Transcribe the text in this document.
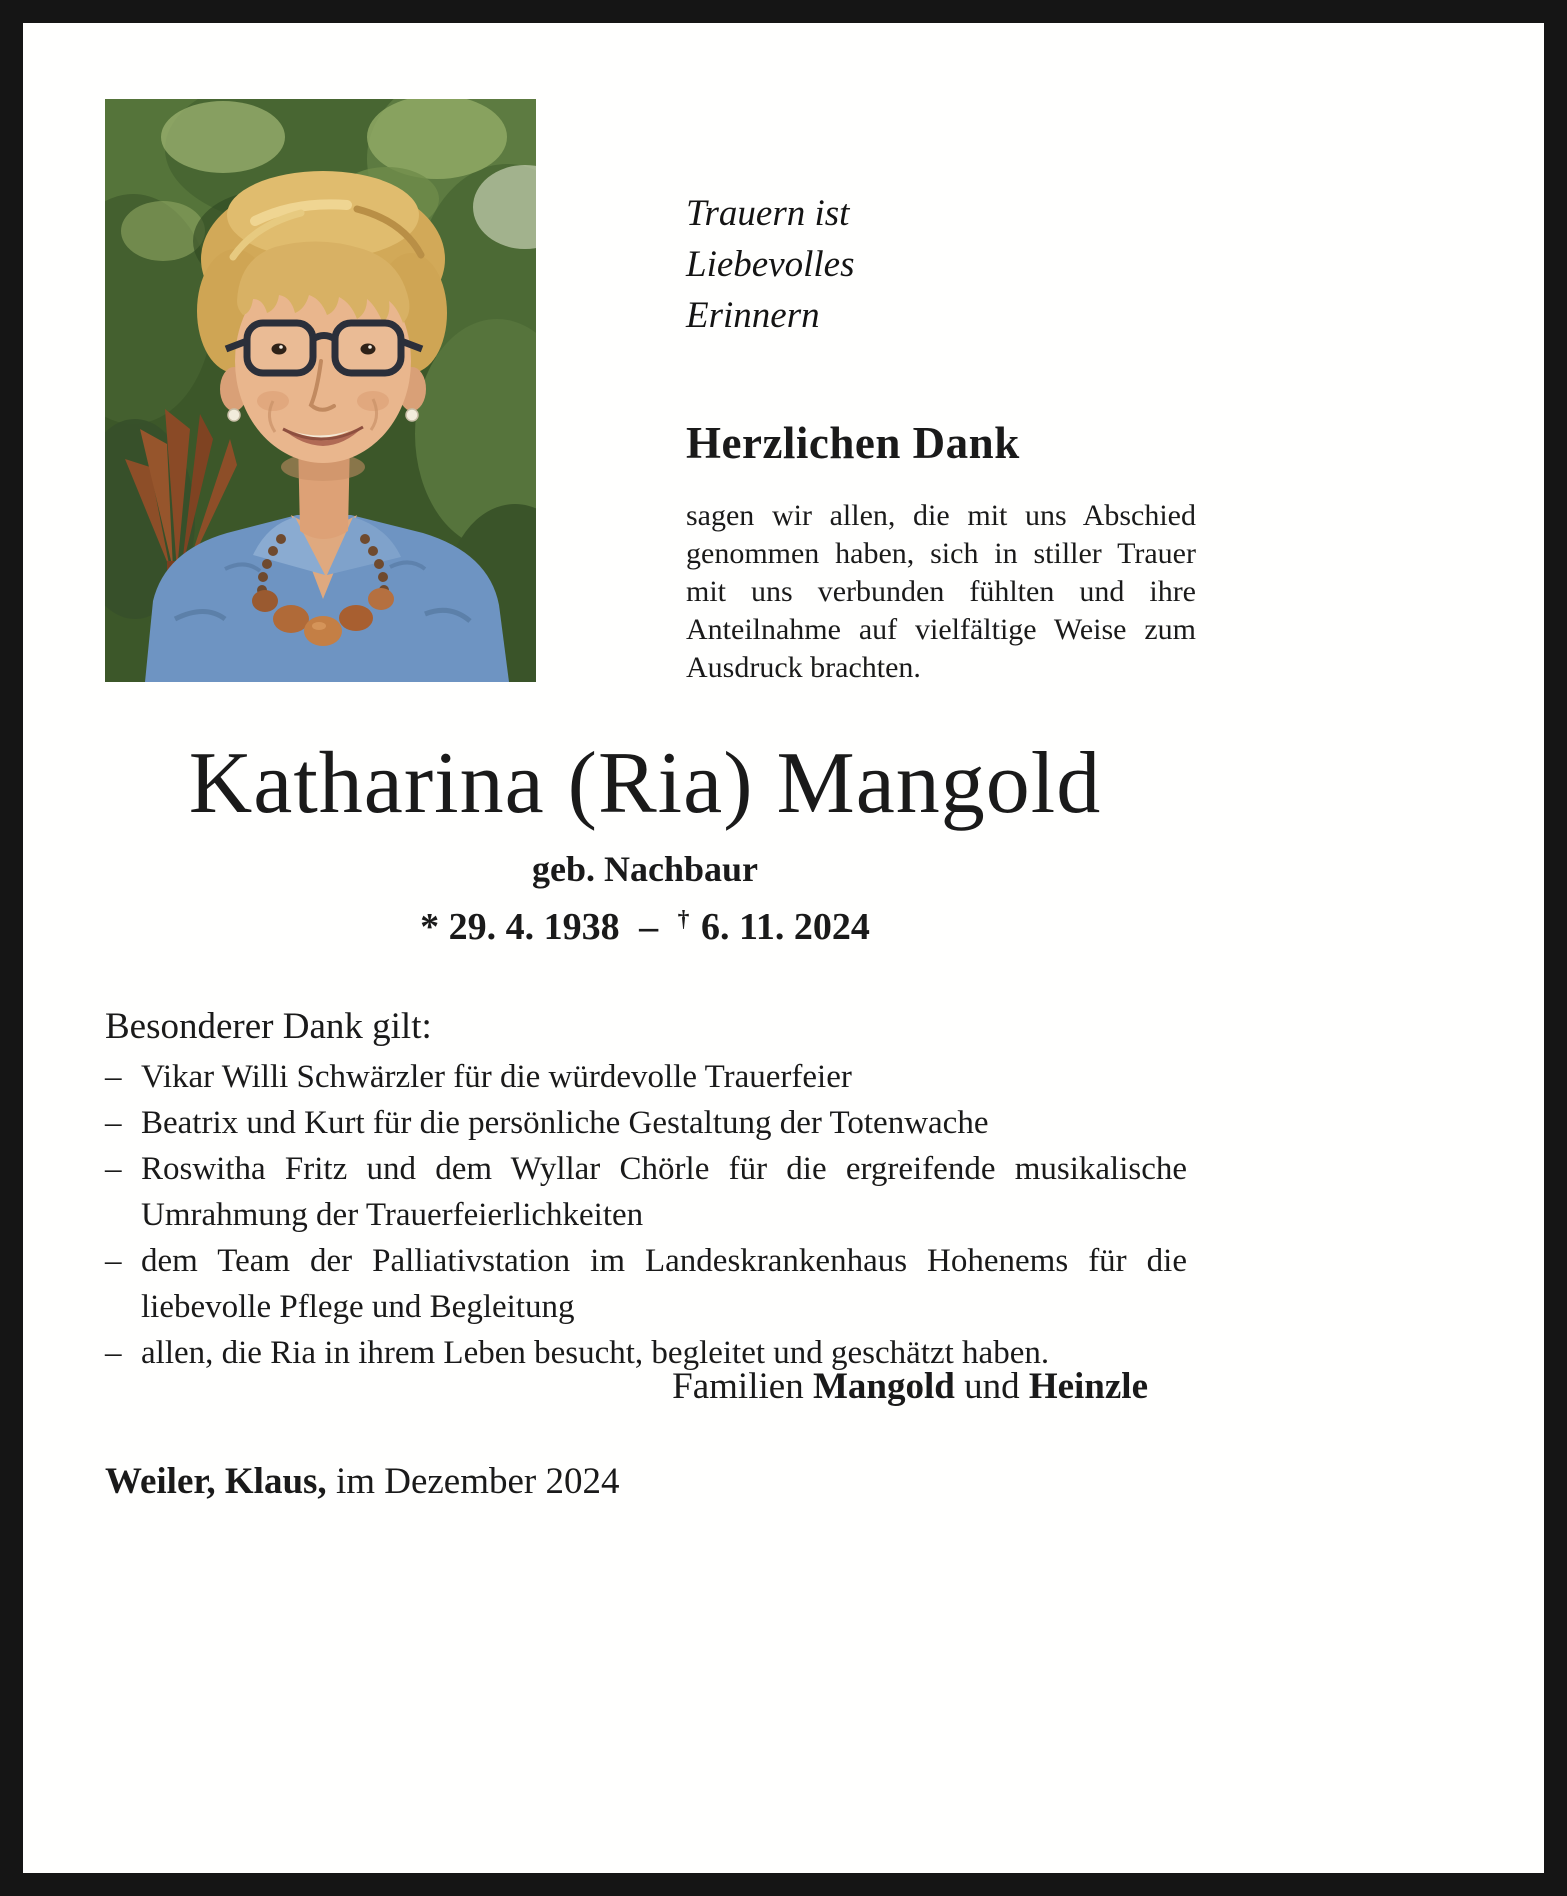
Trauern ist
Liebevolles
Erinnern
Herzlichen Dank
sagen wir allen, die mit uns Abschied genommen haben, sich in stiller Trauer mit uns verbunden fühlten und ihre Anteilnahme auf vielfältige Weise zum Ausdruck brachten.
Katharina (Ria) Mangold
geb. Nachbaur
* 29. 4. 1938 – † 6. 11. 2024
Besonderer Dank gilt:
– Vikar Willi Schwärzler für die würdevolle Trauerfeier
– Beatrix und Kurt für die persönliche Gestaltung der Totenwache
– Roswitha Fritz und dem Wyllar Chörle für die ergreifende musikalische Umrahmung der Trauerfeierlichkeiten
– dem Team der Palliativstation im Landeskrankenhaus Hohenems für die liebevolle Pflege und Begleitung
– allen, die Ria in ihrem Leben besucht, begleitet und geschätzt haben.
Familien Mangold und Heinzle
Weiler, Klaus, im Dezember 2024
